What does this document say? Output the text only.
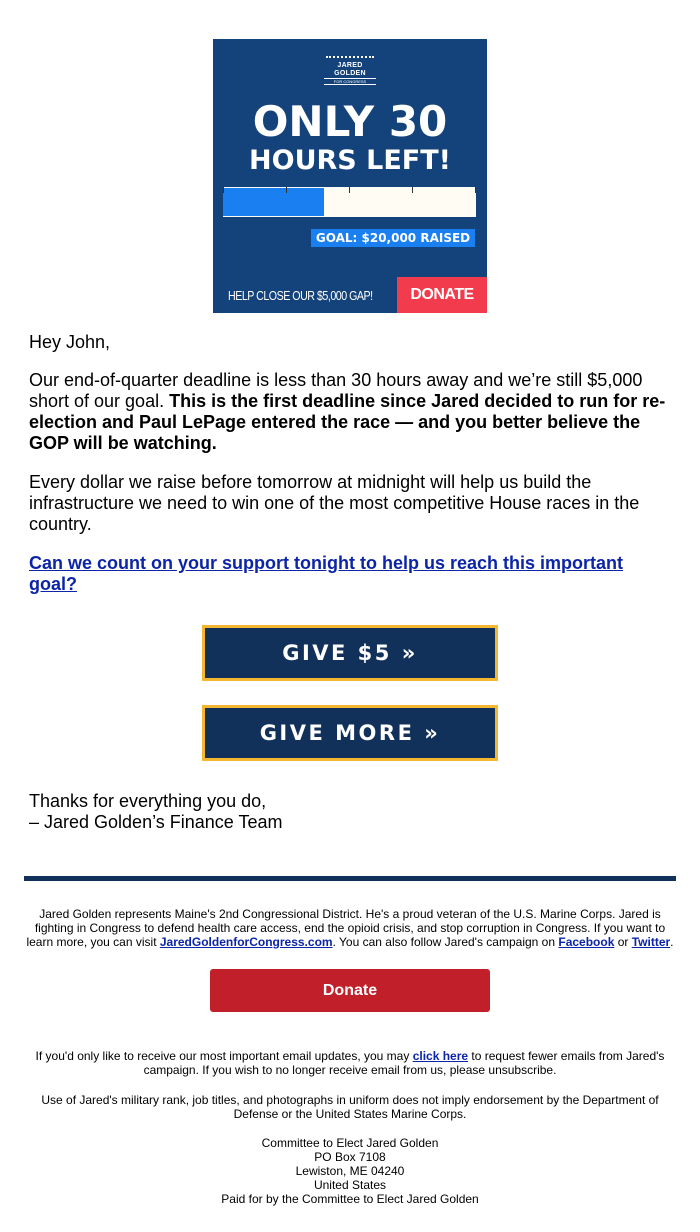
JARED GOLDEN
FOR CONGRESS
ONLY 30
HOURS LEFT!
GOAL: $20,000 RAISED
HELP CLOSE OUR $5,000 GAP!	DONATE

Hey John,

Our end-of-quarter deadline is less than 30 hours away and we’re still $5,000 short of our goal. This is the first deadline since Jared decided to run for re-election and Paul LePage entered the race — and you better believe the GOP will be watching.

Every dollar we raise before tomorrow at midnight will help us build the infrastructure we need to win one of the most competitive House races in the country.

Can we count on your support tonight to help us reach this important goal?
GIVE $5 »
GIVE MORE »

Thanks for everything you do,
– Jared Golden’s Finance Team

Jared Golden represents Maine's 2nd Congressional District. He's a proud veteran of the U.S. Marine Corps. Jared is fighting in Congress to defend health care access, end the opioid crisis, and stop corruption in Congress. If you want to learn more, you can visit JaredGoldenforCongress.com. You can also follow Jared's campaign on Facebook or Twitter.
Donate
If you'd only like to receive our most important email updates, you may click here to request fewer emails from Jared's campaign. If you wish to no longer receive email from us, please unsubscribe.
Use of Jared's military rank, job titles, and photographs in uniform does not imply endorsement by the Department of Defense or the United States Marine Corps.
Committee to Elect Jared Golden
PO Box 7108
Lewiston, ME 04240
United States
Paid for by the Committee to Elect Jared Golden
